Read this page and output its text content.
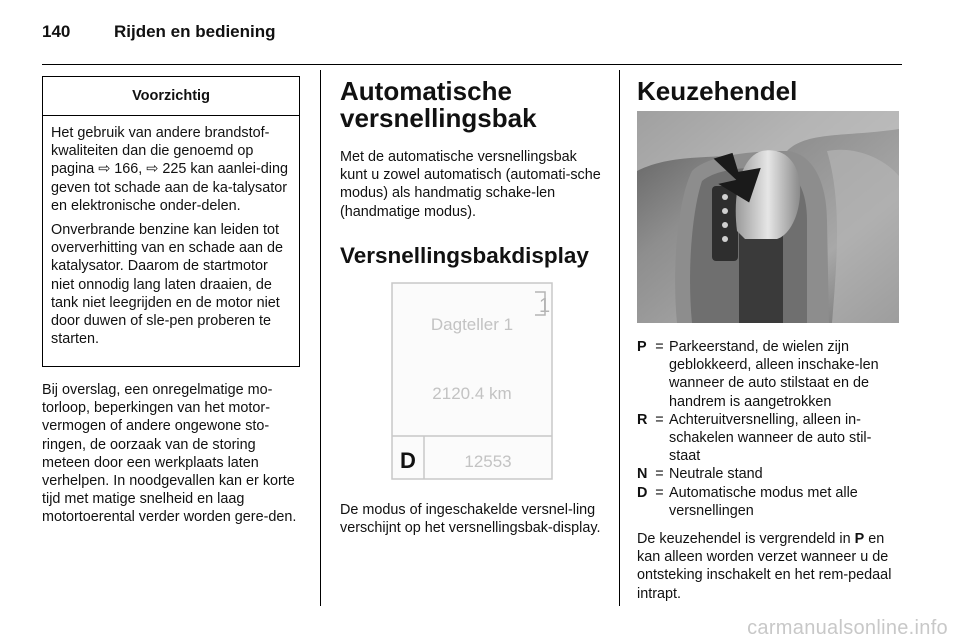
140	Rijden en bediening
Voorzichtig

Het gebruik van andere brandstof-kwaliteiten dan die genoemd op pagina ⇨ 166, ⇨ 225 kan aanlei-ding geven tot schade aan de ka-talysator en elektronische onder-delen.

Onverbrande benzine kan leiden tot oververhitting van en schade aan de katalysator. Daarom de startmotor niet onnodig lang laten draaien, de tank niet leegrijden en de motor niet door duwen of sle-pen proberen te starten.

Bij overslag, een onregelmatige mo-torloop, beperkingen van het motor-vermogen of andere ongewone sto-ringen, de oorzaak van de storing meteen door een werkplaats laten verhelpen. In noodgevallen kan er korte tijd met matige snelheid en laag motortoerental verder worden gere-den.

Automatische versnellingsbak

Met de automatische versnellingsbak kunt u zowel automatisch (automati-sche modus) als handmatig schake-len (handmatige modus).

Versnellingsbakdisplay
1
Dagteller 1
2120.4 km
D	12553

De modus of ingeschakelde versnel-ling verschijnt op het versnellingsbak-display.

Keuzehendel
P = Parkeerstand, de wielen zijn geblokkeerd, alleen inschake-len wanneer de auto stilstaat en de handrem is aangetrokken
R = Achteruitversnelling, alleen in-schakelen wanneer de auto stil-staat
N = Neutrale stand
D = Automatische modus met alle versnellingen

De keuzehendel is vergrendeld in P en kan alleen worden verzet wanneer u de ontsteking inschakelt en het rem-pedaal intrapt.

carmanualsonline.info
